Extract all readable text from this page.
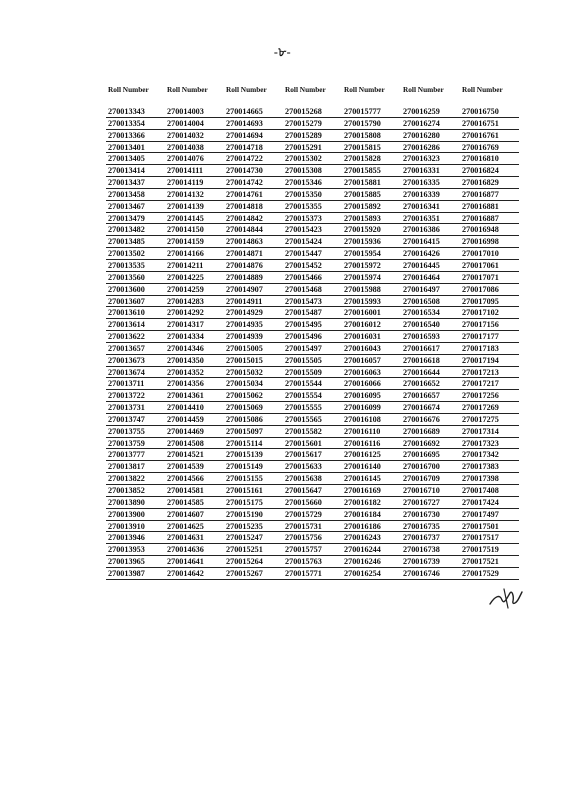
-৮-
Roll Number
270013343
270013354
270013366
270013401
270013405
270013414
270013437
270013458
270013467
270013479
270013482
270013485
270013502
270013535
270013560
270013600
270013607
270013610
270013614
270013622
270013657
270013673
270013674
270013711
270013722
270013731
270013747
270013755
270013759
270013777
270013817
270013822
270013852
270013890
270013900
270013910
270013946
270013953
270013965
270013987
Roll Number
270014003
270014004
270014032
270014038
270014076
270014111
270014119
270014132
270014139
270014145
270014150
270014159
270014166
270014211
270014225
270014259
270014283
270014292
270014317
270014334
270014346
270014350
270014352
270014356
270014361
270014410
270014459
270014469
270014508
270014521
270014539
270014566
270014581
270014585
270014607
270014625
270014631
270014636
270014641
270014642
Roll Number
270014665
270014693
270014694
270014718
270014722
270014730
270014742
270014761
270014818
270014842
270014844
270014863
270014871
270014876
270014889
270014907
270014911
270014929
270014935
270014939
270015005
270015015
270015032
270015034
270015062
270015069
270015086
270015097
270015114
270015139
270015149
270015155
270015161
270015175
270015190
270015235
270015247
270015251
270015264
270015267
Roll Number
270015268
270015279
270015289
270015291
270015302
270015308
270015346
270015350
270015355
270015373
270015423
270015424
270015447
270015452
270015466
270015468
270015473
270015487
270015495
270015496
270015497
270015505
270015509
270015544
270015554
270015555
270015565
270015582
270015601
270015617
270015633
270015638
270015647
270015660
270015729
270015731
270015756
270015757
270015763
270015771
Roll Number
270015777
270015790
270015808
270015815
270015828
270015855
270015881
270015885
270015892
270015893
270015920
270015936
270015954
270015972
270015974
270015988
270015993
270016001
270016012
270016031
270016043
270016057
270016063
270016066
270016095
270016099
270016108
270016110
270016116
270016125
270016140
270016145
270016169
270016182
270016184
270016186
270016243
270016244
270016246
270016254
Roll Number
270016259
270016274
270016280
270016286
270016323
270016331
270016335
270016339
270016341
270016351
270016386
270016415
270016426
270016445
270016464
270016497
270016508
270016534
270016540
270016593
270016617
270016618
270016644
270016652
270016657
270016674
270016676
270016689
270016692
270016695
270016700
270016709
270016710
270016727
270016730
270016735
270016737
270016738
270016739
270016746
Roll Number
270016750
270016751
270016761
270016769
270016810
270016824
270016829
270016877
270016881
270016887
270016948
270016998
270017010
270017061
270017071
270017086
270017095
270017102
270017156
270017177
270017183
270017194
270017213
270017217
270017256
270017269
270017275
270017314
270017323
270017342
270017383
270017398
270017408
270017424
270017497
270017501
270017517
270017519
270017521
270017529
